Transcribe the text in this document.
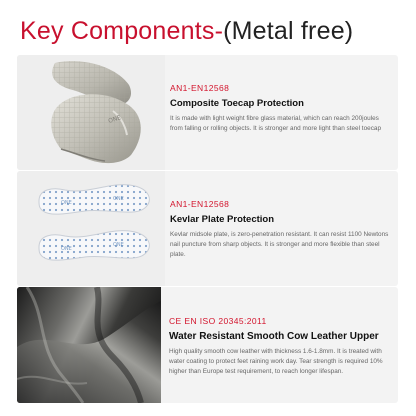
Key Components-(Metal free)
ONE
AN1-EN12568
Composite Toecap Protection
It is made with light weight fibre glass material, which can reach 200joules from falling or rolling objects. It is stronger and more light than steel toecap
ONE
ONE
ONE
ONE
AN1-EN12568
Kevlar Plate Protection
Kevlar midsole plate, is zero-penetration resistant. It can resist 1100 Newtons nail puncture from sharp objects. It is stronger and more flexible than steel plate.
CE EN ISO 20345:2011
Water Resistant Smooth Cow Leather Upper
High quality smooth cow leather with thickness 1.6-1.8mm. It is treated with water coating to protect feet raining work day. Tear strength is required 10% higher than Europe test requirement, to reach longer lifespan.
